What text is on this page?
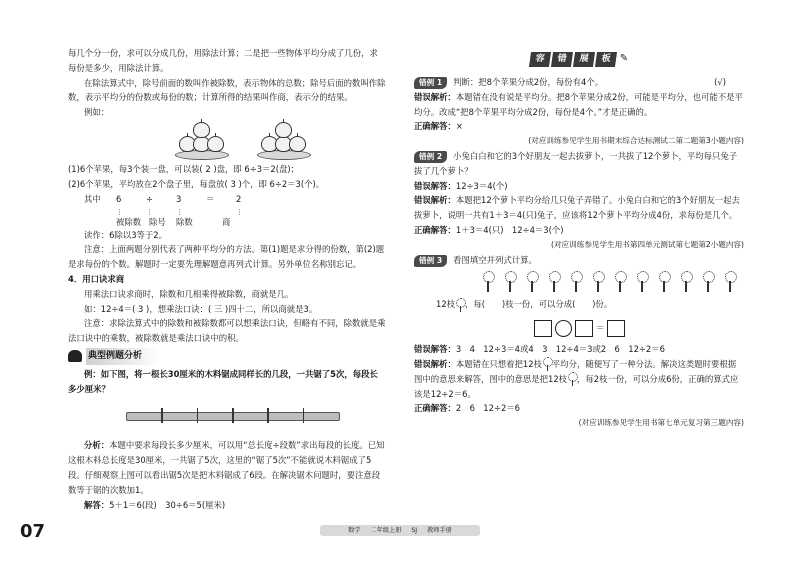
每几个分一份，求可以分成几份，用除法计算；二是把一些物体平均分成了几份，求每份是多少，用除法计算。

在除法算式中，除号前面的数叫作被除数，表示物体的总数；除号后面的数叫作除数，表示平均分的份数或每份的数；计算所得的结果叫作商，表示分的结果。

例如：

(1)6个苹果，每3个装一盘，可以装( 2 )盘，即 6÷3＝2(盘)；

(2)6个苹果，平均放在2个盘子里，每盘放( 3 )个，即 6÷2＝3(个)。

其中	6	÷	3	＝	2
⋮	⋮	⋮	⋮
被除数 除号	除数	商

读作：6除以3等于2。

注意：上面两题分别代表了两种平均分的方法。第(1)题是求分得的份数，第(2)题是求每份的个数。解题时一定要先理解题意再列式计算。另外单位名称别忘记。

4．用口诀求商

用乘法口诀求商时，除数和几相乘得被除数，商就是几。

如：12÷4＝( 3 )，想乘法口诀：( 三 )四十二，所以商就是3。

注意：求除法算式中的除数和被除数都可以想乘法口诀，但略有不同，除数就是乘法口诀中的乘数，被除数就是乘法口诀中的积。

典型例题分析

例：如下图，将一根长30厘米的木料锯成同样长的几段，一共锯了5次，每段长多少厘米？

分析：本题中要求每段长多少厘米，可以用“总长度÷段数”求出每段的长度。已知这根木料总长度是30厘米，一共锯了5次，这里的“锯了5次”不能就说木料锯成了5段。仔细观察上图可以看出锯5次是把木料锯成了6段。在解决锯木问题时，要注意段数等于锯的次数加1。

解答：5＋1＝6(段)　30÷6＝5(厘米)

容	错	展	板 ✎

错例 1 判断：把8个苹果分成2份，每份有4个。	(√)

错误解析：本题错在没有说是平均分。把8个苹果分成2份，可能是平均分，也可能不是平均分。改成“把8个苹果平均分成2份，每份是4个。”才是正确的。

正确解答：×

(对应训练参见学生用书期末综合达标测试二第二题第3小题内容)

错例 2 小兔白白和它的3个好朋友一起去拔萝卜，一共拔了12个萝卜，平均每只兔子拔了几个萝卜？

错误解答：12÷3＝4(个)

错误解析：本题把12个萝卜平均分给几只兔子弄错了。小兔白白和它的3个好朋友一起去拔萝卜，说明一共有1＋3＝4(只)兔子，应该将12个萝卜平均分成4份，求每份是几个。

正确解答：1＋3＝4(只)　12÷4＝3(个)

(对应训练参见学生用书第四单元测试第七题第2小题内容)

错例 3 看图填空并列式计算。

12枝 ，每(　　)枝一份，可以分成(　　)份。

＝

错误解答：3　4　12÷3＝4或4　3　12÷4＝3或2　6　12÷2＝6

错误解析：本题错在只想着把12枝 平均分，随便写了一种分法。解决这类题时要根据图中的意思来解答，图中的意思是把12枝 ，每2枝一份，可以分成6份，正确的算式应该是12÷2＝6。

正确解答：2　6　12÷2＝6

(对应训练参见学生用书第七单元复习第三题内容)

07	数学 二年级上册 SJ 教师手册
